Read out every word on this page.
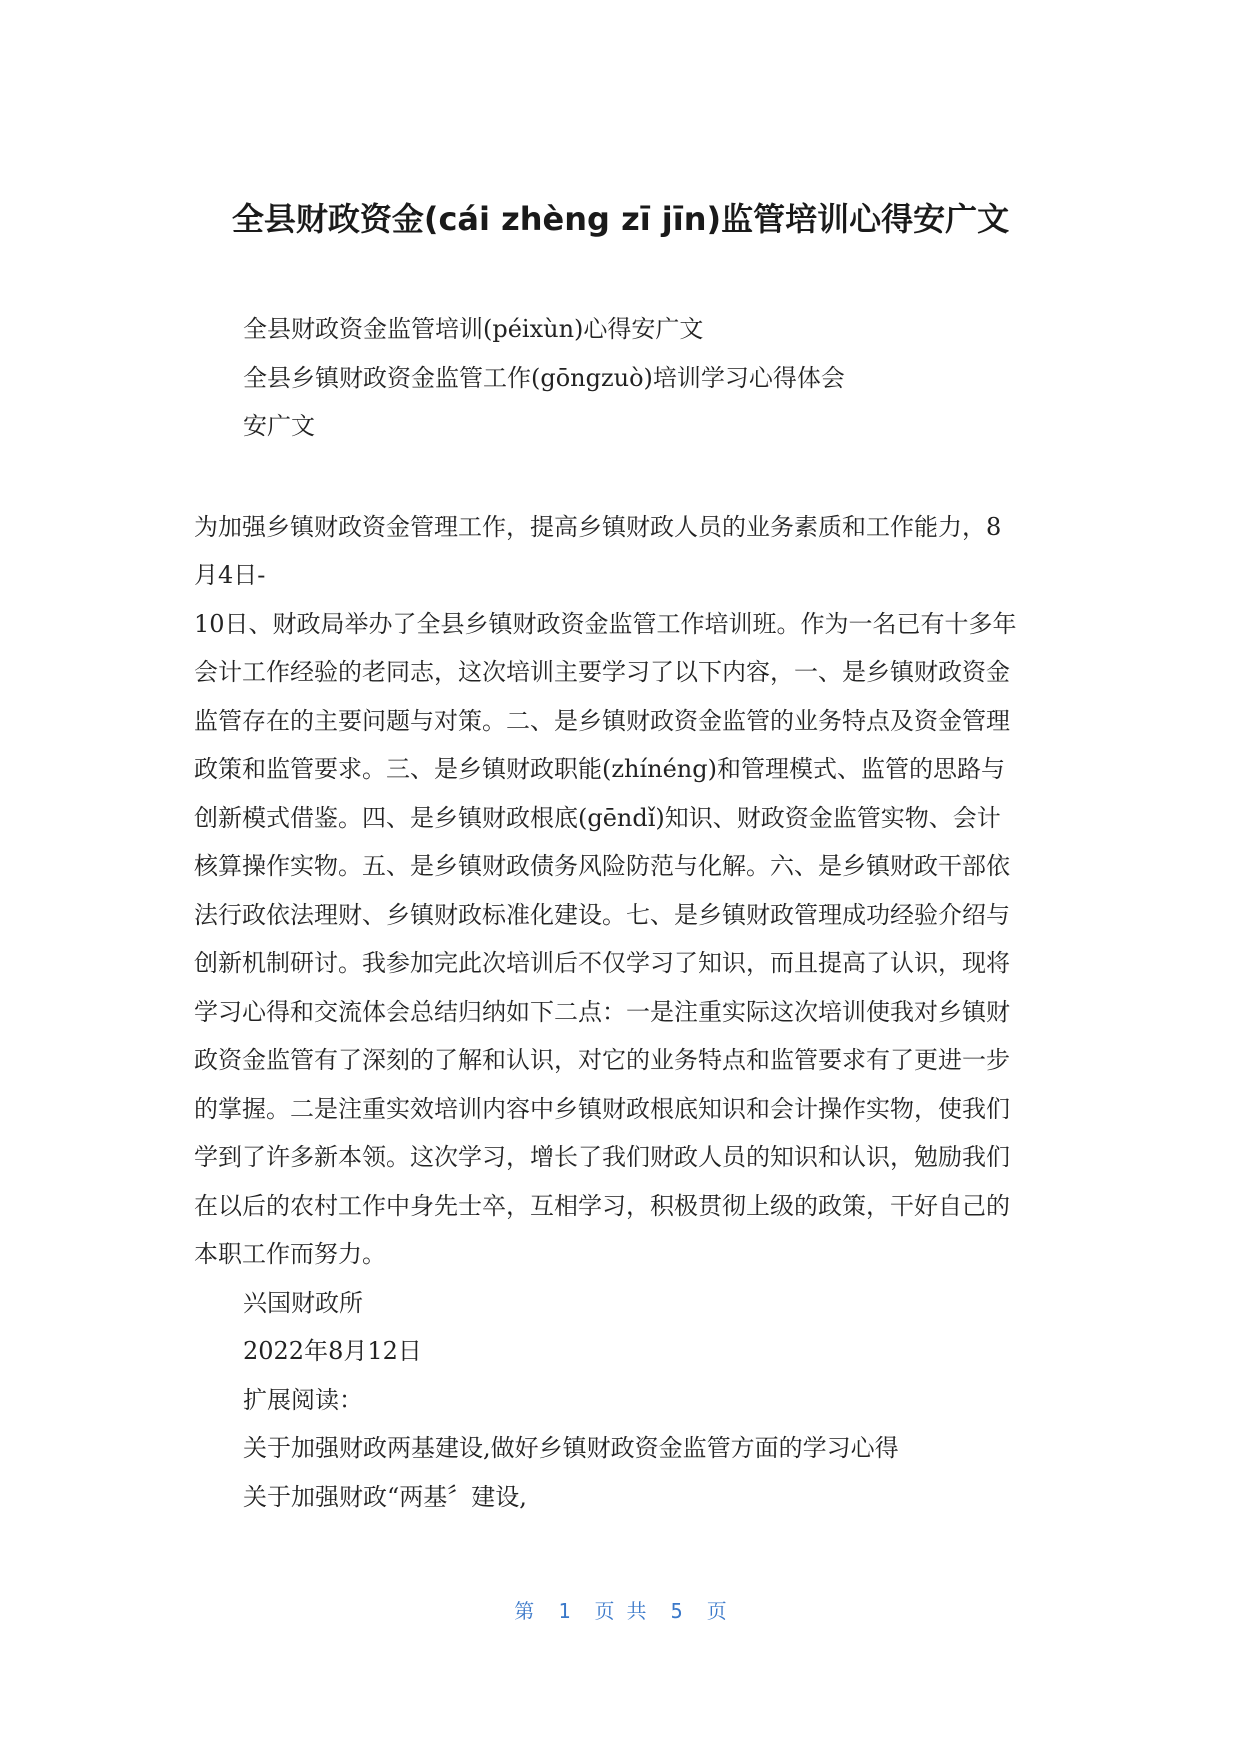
全县财政资金(cái zhèng zī jīn)监管培训心得安广文
全县财政资金监管培训(péixùn)心得安广文
全县乡镇财政资金监管工作(gōngzuò)培训学习心得体会
安广文
为加强乡镇财政资金管理工作，提高乡镇财政人员的业务素质和工作能力，8
月4日-
10日、财政局举办了全县乡镇财政资金监管工作培训班。作为一名已有十多年
会计工作经验的老同志，这次培训主要学习了以下内容，一、是乡镇财政资金
监管存在的主要问题与对策。二、是乡镇财政资金监管的业务特点及资金管理
政策和监管要求。三、是乡镇财政职能(zhínéng)和管理模式、监管的思路与
创新模式借鉴。四、是乡镇财政根底(gēndǐ)知识、财政资金监管实物、会计
核算操作实物。五、是乡镇财政债务风险防范与化解。六、是乡镇财政干部依
法行政依法理财、乡镇财政标准化建设。七、是乡镇财政管理成功经验介绍与
创新机制研讨。我参加完此次培训后不仅学习了知识，而且提高了认识，现将
学习心得和交流体会总结归纳如下二点：一是注重实际这次培训使我对乡镇财
政资金监管有了深刻的了解和认识，对它的业务特点和监管要求有了更进一步
的掌握。二是注重实效培训内容中乡镇财政根底知识和会计操作实物，使我们
学到了许多新本领。这次学习，增长了我们财政人员的知识和认识，勉励我们
在以后的农村工作中身先士卒，互相学习，积极贯彻上级的政策，干好自己的
本职工作而努力。
兴国财政所
2022年8月12日
扩展阅读：
关于加强财政两基建设,做好乡镇财政资金监管方面的学习心得
关于加强财政“两基〞建设,
第  1  页 共  5  页
